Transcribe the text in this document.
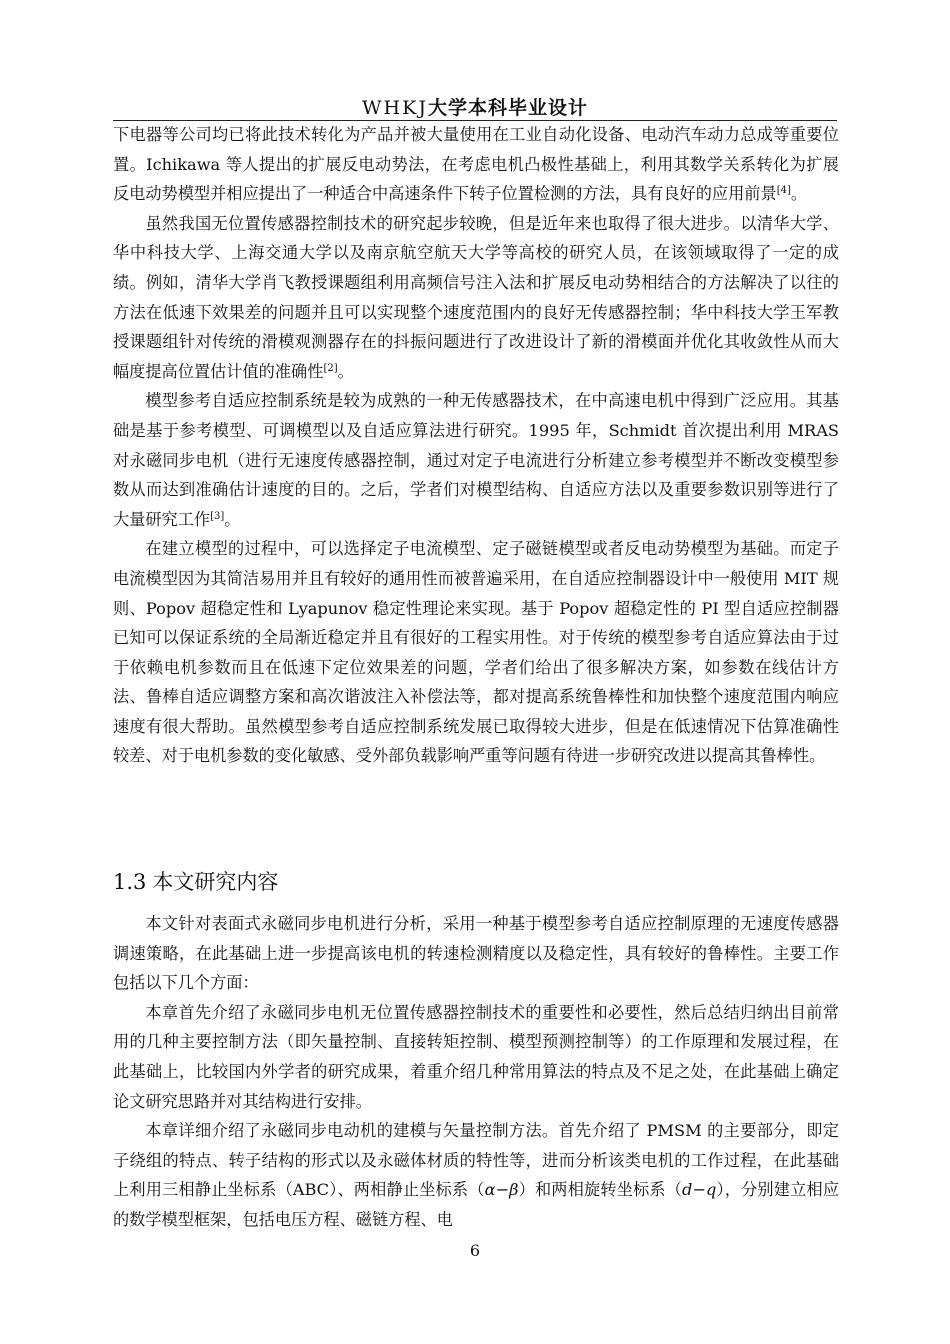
WHKJ大学本科毕业设计

下电器等公司均已将此技术转化为产品并被大量使用在工业自动化设备、电动汽车动力总成等重要位置。Ichikawa 等人提出的扩展反电动势法，在考虑电机凸极性基础上，利用其数学关系转化为扩展反电动势模型并相应提出了一种适合中高速条件下转子位置检测的方法，具有良好的应用前景[4]。

虽然我国无位置传感器控制技术的研究起步较晚，但是近年来也取得了很大进步。以清华大学、华中科技大学、上海交通大学以及南京航空航天大学等高校的研究人员，在该领域取得了一定的成绩。例如，清华大学肖飞教授课题组利用高频信号注入法和扩展反电动势相结合的方法解决了以往的方法在低速下效果差的问题并且可以实现整个速度范围内的良好无传感器控制；华中科技大学王军教授课题组针对传统的滑模观测器存在的抖振问题进行了改进设计了新的滑模面并优化其收敛性从而大幅度提高位置估计值的准确性[2]。

模型参考自适应控制系统是较为成熟的一种无传感器技术，在中高速电机中得到广泛应用。其基础是基于参考模型、可调模型以及自适应算法进行研究。1995 年，Schmidt 首次提出利用 MRAS 对永磁同步电机（进行无速度传感器控制，通过对定子电流进行分析建立参考模型并不断改变模型参数从而达到准确估计速度的目的。之后，学者们对模型结构、自适应方法以及重要参数识别等进行了大量研究工作[3]。

在建立模型的过程中，可以选择定子电流模型、定子磁链模型或者反电动势模型为基础。而定子电流模型因为其简洁易用并且有较好的通用性而被普遍采用，在自适应控制器设计中一般使用 MIT 规则、Popov 超稳定性和 Lyapunov 稳定性理论来实现。基于 Popov 超稳定性的 PI 型自适应控制器已知可以保证系统的全局渐近稳定并且有很好的工程实用性。对于传统的模型参考自适应算法由于过于依赖电机参数而且在低速下定位效果差的问题，学者们给出了很多解决方案，如参数在线估计方法、鲁棒自适应调整方案和高次谐波注入补偿法等，都对提高系统鲁棒性和加快整个速度范围内响应速度有很大帮助。虽然模型参考自适应控制系统发展已取得较大进步，但是在低速情况下估算准确性较差、对于电机参数的变化敏感、受外部负载影响严重等问题有待进一步研究改进以提高其鲁棒性。

1.3 本文研究内容

本文针对表面式永磁同步电机进行分析，采用一种基于模型参考自适应控制原理的无速度传感器调速策略，在此基础上进一步提高该电机的转速检测精度以及稳定性，具有较好的鲁棒性。主要工作包括以下几个方面：

本章首先介绍了永磁同步电机无位置传感器控制技术的重要性和必要性，然后总结归纳出目前常用的几种主要控制方法（即矢量控制、直接转矩控制、模型预测控制等）的工作原理和发展过程，在此基础上，比较国内外学者的研究成果，着重介绍几种常用算法的特点及不足之处，在此基础上确定论文研究思路并对其结构进行安排。

本章详细介绍了永磁同步电动机的建模与矢量控制方法。首先介绍了 PMSM 的主要部分，即定子绕组的特点、转子结构的形式以及永磁体材质的特性等，进而分析该类电机的工作过程，在此基础上利用三相静止坐标系（ABC）、两相静止坐标系（α−β）和两相旋转坐标系（d−q），分别建立相应的数学模型框架，包括电压方程、磁链方程、电

6
